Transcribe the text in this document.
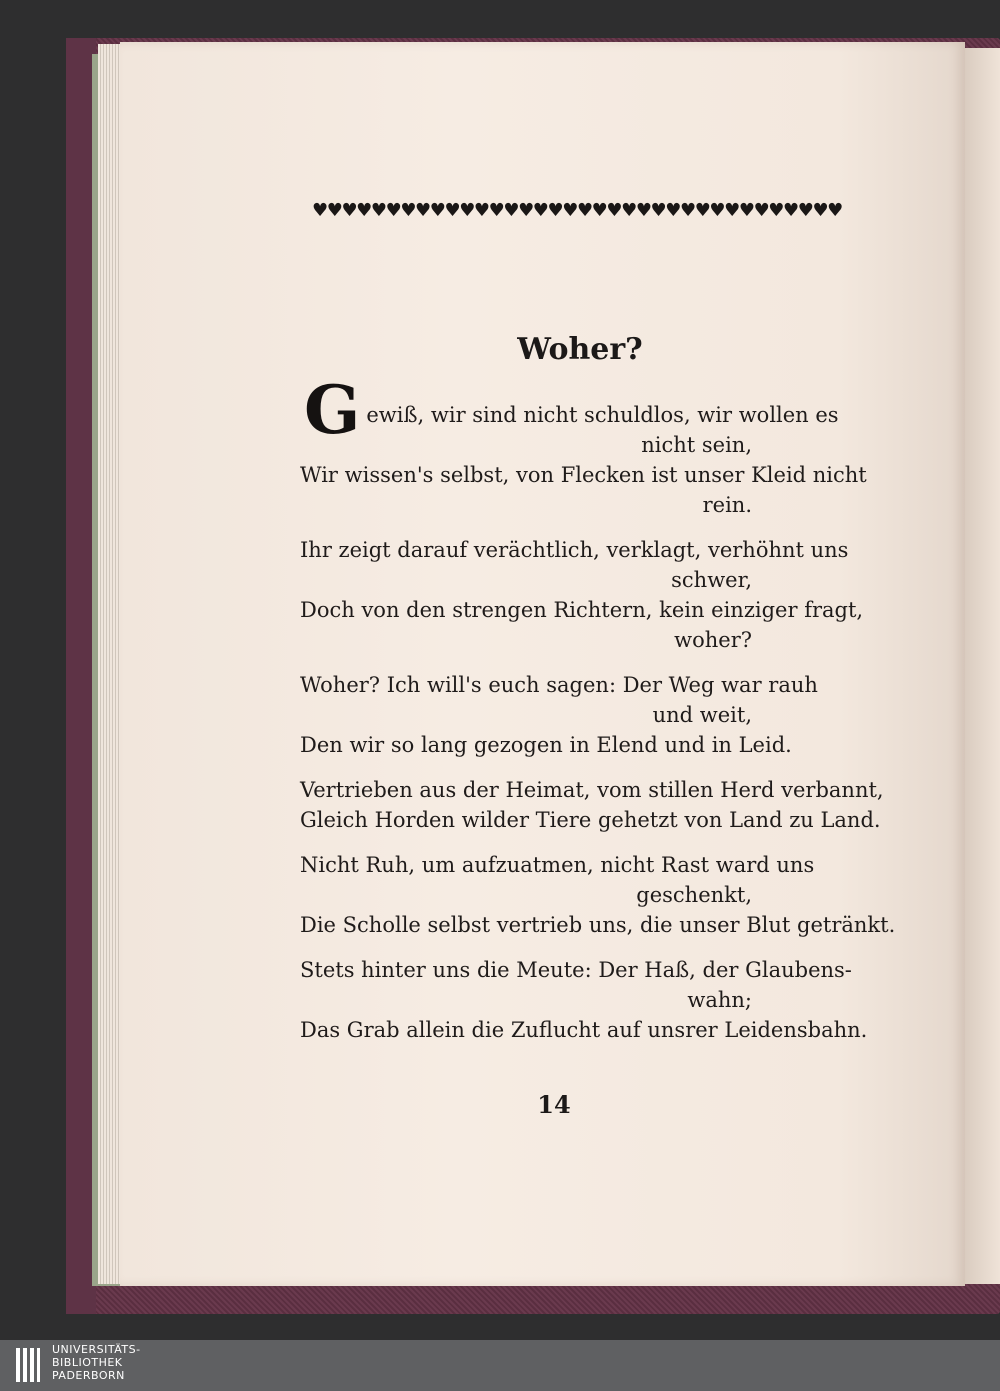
♥
♥
♥
♥
♥
♥
♥
♥
♥
♥
♥
♥
♥
♥
♥
♥
♥
♥
♥
♥
♥
♥
♥
♥
♥
♥
♥
♥
♥
♥
♥
♥
♥
♥
♥
♥
Woher?
G ewiß, wir sind nicht schuldlos, wir wollen es
nicht sein,
Wir wissen's selbst, von Flecken ist unser Kleid nicht
rein.
Ihr zeigt darauf verächtlich, verklagt, verhöhnt uns
schwer,
Doch von den strengen Richtern, kein einziger fragt,
woher?
Woher? Ich will's euch sagen: Der Weg war rauh
und weit,
Den wir so lang gezogen in Elend und in Leid.
Vertrieben aus der Heimat, vom stillen Herd verbannt,
Gleich Horden wilder Tiere gehetzt von Land zu Land.
Nicht Ruh, um aufzuatmen, nicht Rast ward uns
geschenkt,
Die Scholle selbst vertrieb uns, die unser Blut getränkt.
Stets hinter uns die Meute: Der Haß, der Glaubens-
wahn;
Das Grab allein die Zuflucht auf unsrer Leidensbahn.
14
UNIVERSITÄTS-
BIBLIOTHEK
PADERBORN
